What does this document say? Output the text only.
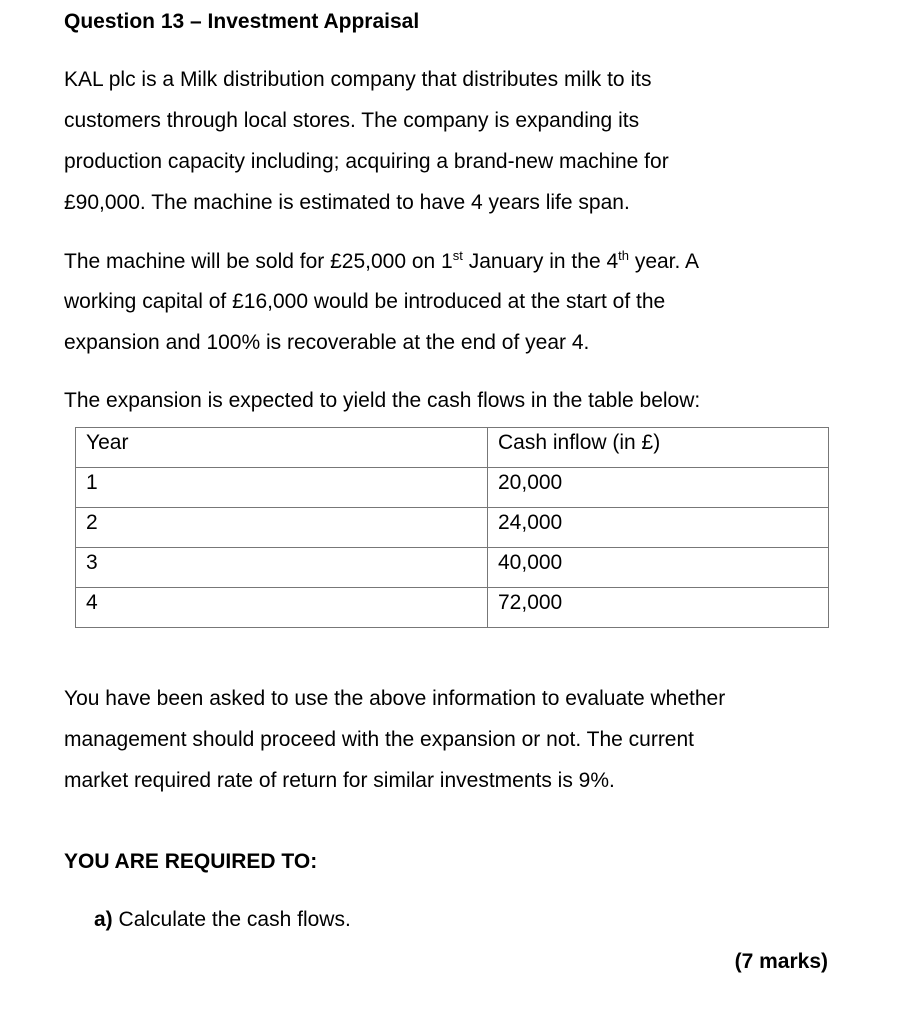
Question 13 – Investment Appraisal
KAL plc is a Milk distribution company that distributes milk to its
customers through local stores. The company is expanding its
production capacity including; acquiring a brand-new machine for
£90,000. The machine is estimated to have 4 years life span.
The machine will be sold for £25,000 on 1st January in the 4th year. A
working capital of £16,000 would be introduced at the start of the
expansion and 100% is recoverable at the end of year 4.
The expansion is expected to yield the cash flows in the table below:
Year	Cash inflow (in £)
1	20,000
2	24,000
3	40,000
4	72,000
You have been asked to use the above information to evaluate whether
management should proceed with the expansion or not. The current
market required rate of return for similar investments is 9%.
YOU ARE REQUIRED TO:
a) Calculate the cash flows.
(7 marks)
